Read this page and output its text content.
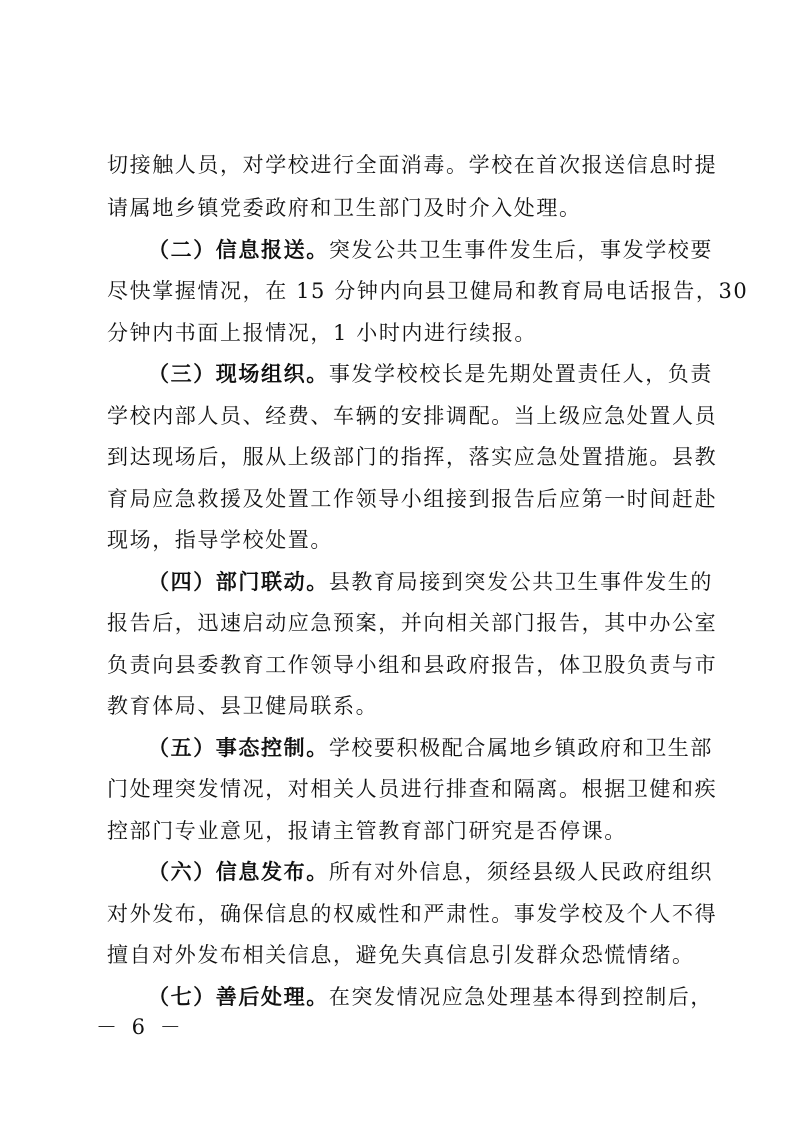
切接触人员，对学校进行全面消毒。学校在首次报送信息时提
请属地乡镇党委政府和卫生部门及时介入处理。
（二）信息报送。突发公共卫生事件发生后，事发学校要
尽快掌握情况，在 15 分钟内向县卫健局和教育局电话报告，30
分钟内书面上报情况，1 小时内进行续报。
（三）现场组织。事发学校校长是先期处置责任人，负责
学校内部人员、经费、车辆的安排调配。当上级应急处置人员
到达现场后，服从上级部门的指挥，落实应急处置措施。县教
育局应急救援及处置工作领导小组接到报告后应第一时间赶赴
现场，指导学校处置。
（四）部门联动。县教育局接到突发公共卫生事件发生的
报告后，迅速启动应急预案，并向相关部门报告，其中办公室
负责向县委教育工作领导小组和县政府报告，体卫股负责与市
教育体局、县卫健局联系。
（五）事态控制。学校要积极配合属地乡镇政府和卫生部
门处理突发情况，对相关人员进行排查和隔离。根据卫健和疾
控部门专业意见，报请主管教育部门研究是否停课。
（六）信息发布。所有对外信息，须经县级人民政府组织
对外发布，确保信息的权威性和严肃性。事发学校及个人不得
擅自对外发布相关信息，避免失真信息引发群众恐慌情绪。
（七）善后处理。在突发情况应急处理基本得到控制后，
－ 6 －
